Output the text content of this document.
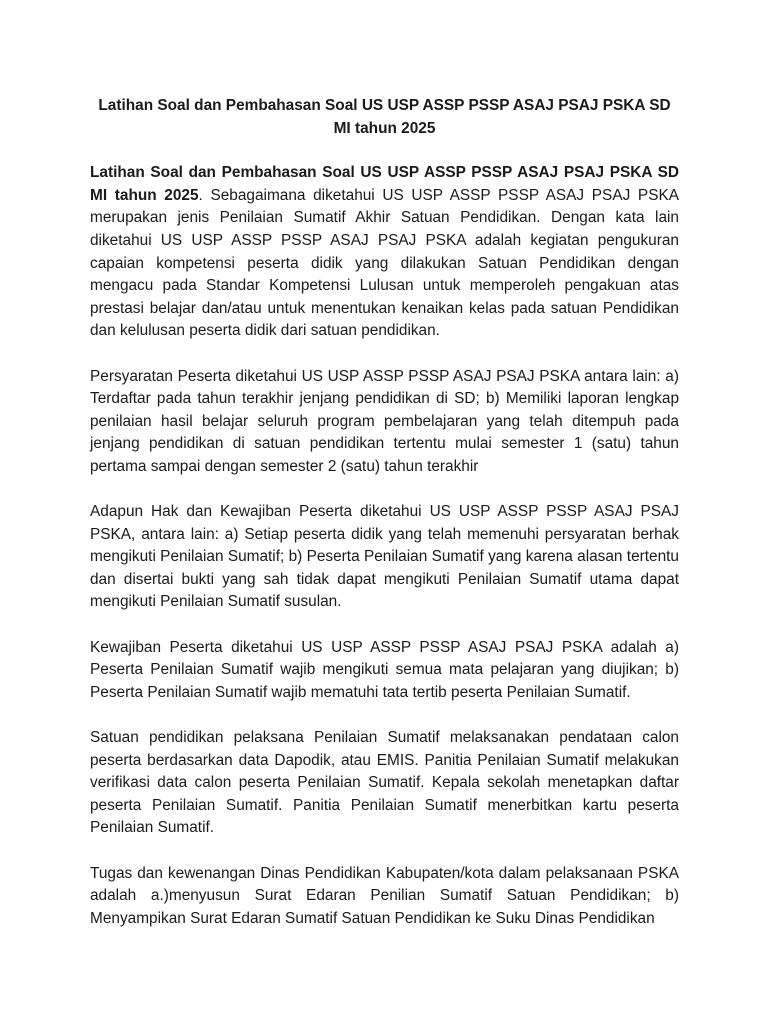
Latihan Soal dan Pembahasan Soal US USP ASSP PSSP ASAJ PSAJ PSKA SD MI tahun 2025

Latihan Soal dan Pembahasan Soal US USP ASSP PSSP ASAJ PSAJ PSKA SD MI tahun 2025. Sebagaimana diketahui US USP ASSP PSSP ASAJ PSAJ PSKA merupakan jenis Penilaian Sumatif Akhir Satuan Pendidikan. Dengan kata lain diketahui US USP ASSP PSSP ASAJ PSAJ PSKA adalah kegiatan pengukuran capaian kompetensi peserta didik yang dilakukan Satuan Pendidikan dengan mengacu pada Standar Kompetensi Lulusan untuk memperoleh pengakuan atas prestasi belajar dan/atau untuk menentukan kenaikan kelas pada satuan Pendidikan dan kelulusan peserta didik dari satuan pendidikan.

Persyaratan Peserta diketahui US USP ASSP PSSP ASAJ PSAJ PSKA antara lain: a) Terdaftar pada tahun terakhir jenjang pendidikan di SD; b) Memiliki laporan lengkap penilaian hasil belajar seluruh program pembelajaran yang telah ditempuh pada jenjang pendidikan di satuan pendidikan tertentu mulai semester 1 (satu) tahun pertama sampai dengan semester 2 (satu) tahun terakhir

Adapun Hak dan Kewajiban Peserta diketahui US USP ASSP PSSP ASAJ PSAJ PSKA, antara lain: a) Setiap peserta didik yang telah memenuhi persyaratan berhak mengikuti Penilaian Sumatif; b) Peserta Penilaian Sumatif yang karena alasan tertentu dan disertai bukti yang sah tidak dapat mengikuti Penilaian Sumatif utama dapat mengikuti Penilaian Sumatif susulan.

Kewajiban Peserta diketahui US USP ASSP PSSP ASAJ PSAJ PSKA adalah a) Peserta Penilaian Sumatif wajib mengikuti semua mata pelajaran yang diujikan; b) Peserta Penilaian Sumatif wajib mematuhi tata tertib peserta Penilaian Sumatif.

Satuan pendidikan pelaksana Penilaian Sumatif melaksanakan pendataan calon peserta berdasarkan data Dapodik, atau EMIS. Panitia Penilaian Sumatif melakukan verifikasi data calon peserta Penilaian Sumatif. Kepala sekolah menetapkan daftar peserta Penilaian Sumatif. Panitia Penilaian Sumatif menerbitkan kartu peserta Penilaian Sumatif.

Tugas dan kewenangan Dinas Pendidikan Kabupaten/kota dalam pelaksanaan PSKA adalah a.)menyusun Surat Edaran Penilian Sumatif Satuan Pendidikan; b) Menyampikan Surat Edaran Sumatif Satuan Pendidikan ke Suku Dinas Pendidikan
